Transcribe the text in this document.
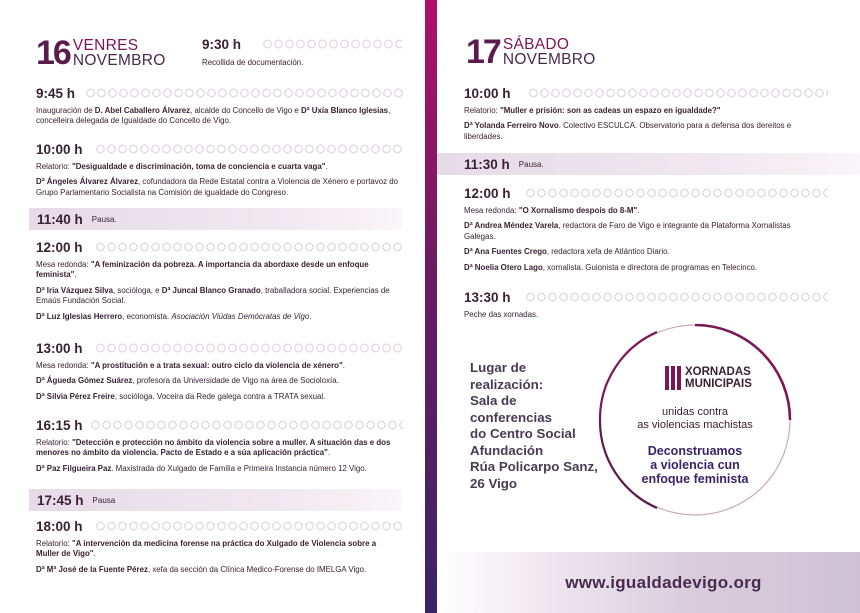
16 VENRES
NOVEMBRO
9:30 h
Recollida de documentación.
9:45 h
Inauguración de D. Abel Caballero Álvarez, alcalde do Concello de Vigo e Dª Uxía Blanco Iglesias, concelleira delegada de Igualdade do Concello de Vigo.
10:00 h
Relatorio: "Desigualdade e discriminación, toma de conciencia e cuarta vaga".
Dª Ángeles Álvarez Álvarez, cofundadora da Rede Estatal contra a Violencia de Xénero e portavoz do Grupo Parlamentario Socialista na Comisión de igualdade do Congreso.
11:40 h Pausa.
12:00 h
Mesa redonda: "A feminización da pobreza. A importancia da abordaxe desde un enfoque feminista".
Dª Iria Vázquez Silva, socióloga, e Dª Juncal Blanco Granado, traballadora social. Experiencias de Emaús Fundación Social.
Dª Luz Iglesias Herrero, economista. Asociación Viúdas Demócratas de Vigo.
13:00 h
Mesa redonda: "A prostitución e a trata sexual: outro ciclo da violencia de xénero".
Dª Águeda Gómez Suárez, profesora da Universidade de Vigo na área de Socioloxía.
Dª Silvia Pérez Freire, socióloga. Voceira da Rede galega contra a TRATA sexual.
16:15 h
Relatorio: "Detección e protección no ámbito da violencia sobre a muller. A situación das e dos menores no ámbito da violencia. Pacto de Estado e a súa aplicación práctica".
Dª Paz Filgueira Paz. Maxistrada do Xulgado de Familia e Primeira Instancia número 12 Vigo.
17:45 h Pausa
18:00 h
Relatorio: "A intervención da medicina forense na práctica do Xulgado de Violencia sobre a Muller de Vigo".
Dª Mª José de la Fuente Pérez, xefa da sección da Clínica Medico-Forense do IMELGA Vigo.
17 SÁBADO
NOVEMBRO
10:00 h
Relatorio: "Muller e prisión: son as cadeas un espazo en igualdade?"
Dª Yolanda Ferreiro Novo. Colectivo ESCULCA. Observatorio para a defensa dos dereitos e liberdades.
11:30 h Pausa.
12:00 h
Mesa redonda: "O Xornalismo despois do 8-M".
Dª Andrea Méndez Varela, redactora de Faro de Vigo e integrante da Plataforma Xornalistas Galegas.
Dª Ana Fuentes Crego, redactora xefa de Atlántico Diario.
Dª Noelia Otero Lago, xornalista. Guionista e directora de programas en Telecinco.
13:30 h
Peche das xornadas.
Lugar de
realización:
Sala de
conferencias
do Centro Social
Afundación
Rúa Policarpo Sanz,
26 Vigo
XORNADAS
MUNICIPAIS
unidas contra
as violencias machistas
Deconstruamos
a violencia cun
enfoque feminista
www.igualdadevigo.org
